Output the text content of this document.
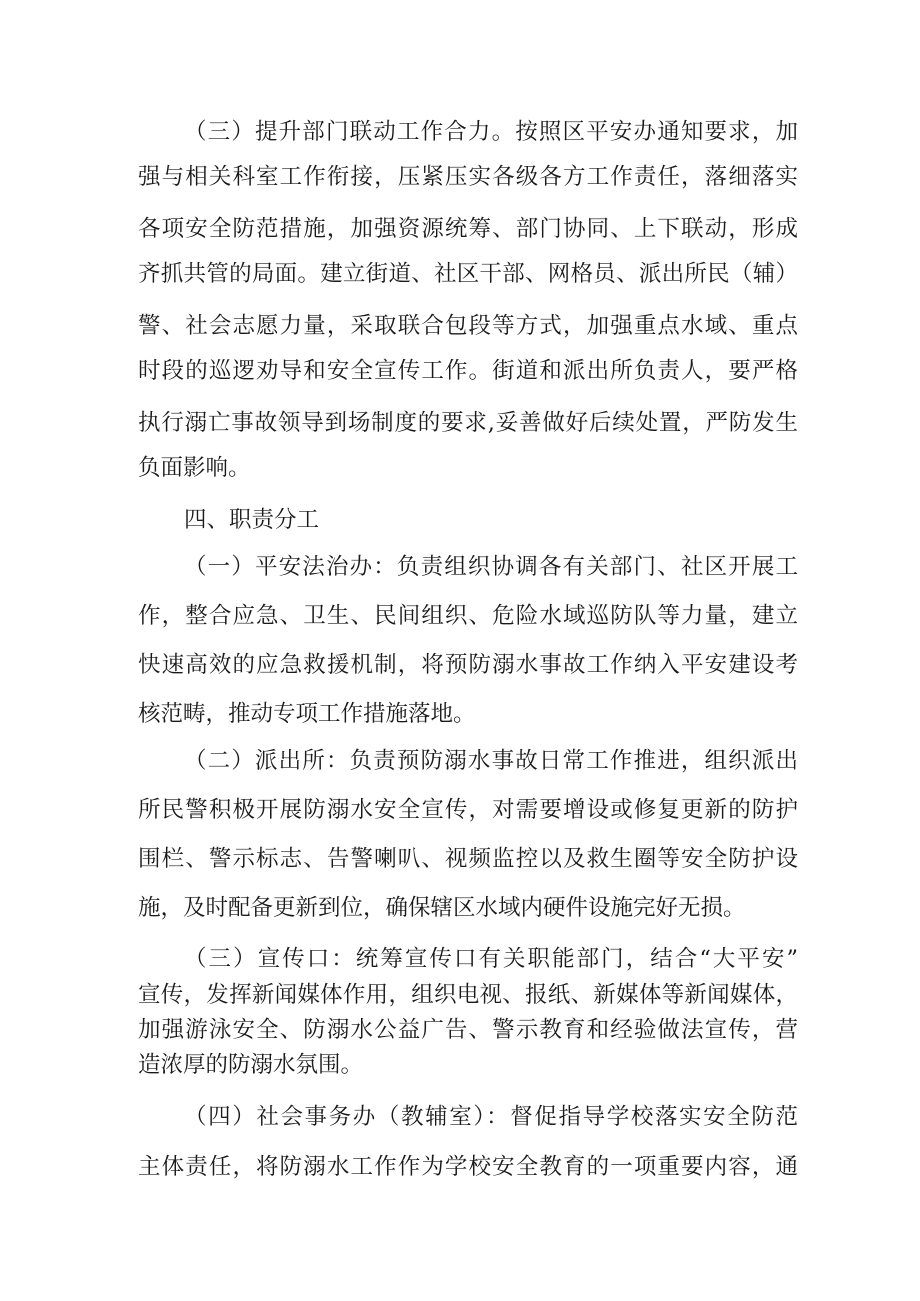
（三）提升部门联动工作合力。按照区平安办通知要求，加
强与相关科室工作衔接，压紧压实各级各方工作责任，落细落实
各项安全防范措施，加强资源统筹、部门协同、上下联动，形成
齐抓共管的局面。建立街道、社区干部、网格员、派出所民（辅）
警、社会志愿力量，采取联合包段等方式，加强重点水域、重点
时段的巡逻劝导和安全宣传工作。街道和派出所负责人，要严格
执行溺亡事故领导到场制度的要求,妥善做好后续处置，严防发生
负面影响。
四、职责分工
（一）平安法治办：负责组织协调各有关部门、社区开展工
作，整合应急、卫生、民间组织、危险水域巡防队等力量，建立
快速高效的应急救援机制，将预防溺水事故工作纳入平安建设考
核范畴，推动专项工作措施落地。
（二）派出所：负责预防溺水事故日常工作推进，组织派出
所民警积极开展防溺水安全宣传，对需要增设或修复更新的防护
围栏、警示标志、告警喇叭、视频监控以及救生圈等安全防护设
施，及时配备更新到位，确保辖区水域内硬件设施完好无损。
（三）宣传口：统筹宣传口有关职能部门，结合“大平安”
宣传，发挥新闻媒体作用，组织电视、报纸、新媒体等新闻媒体，
加强游泳安全、防溺水公益广告、警示教育和经验做法宣传，营
造浓厚的防溺水氛围。
（四）社会事务办（教辅室）：督促指导学校落实安全防范
主体责任，将防溺水工作作为学校安全教育的一项重要内容，通
